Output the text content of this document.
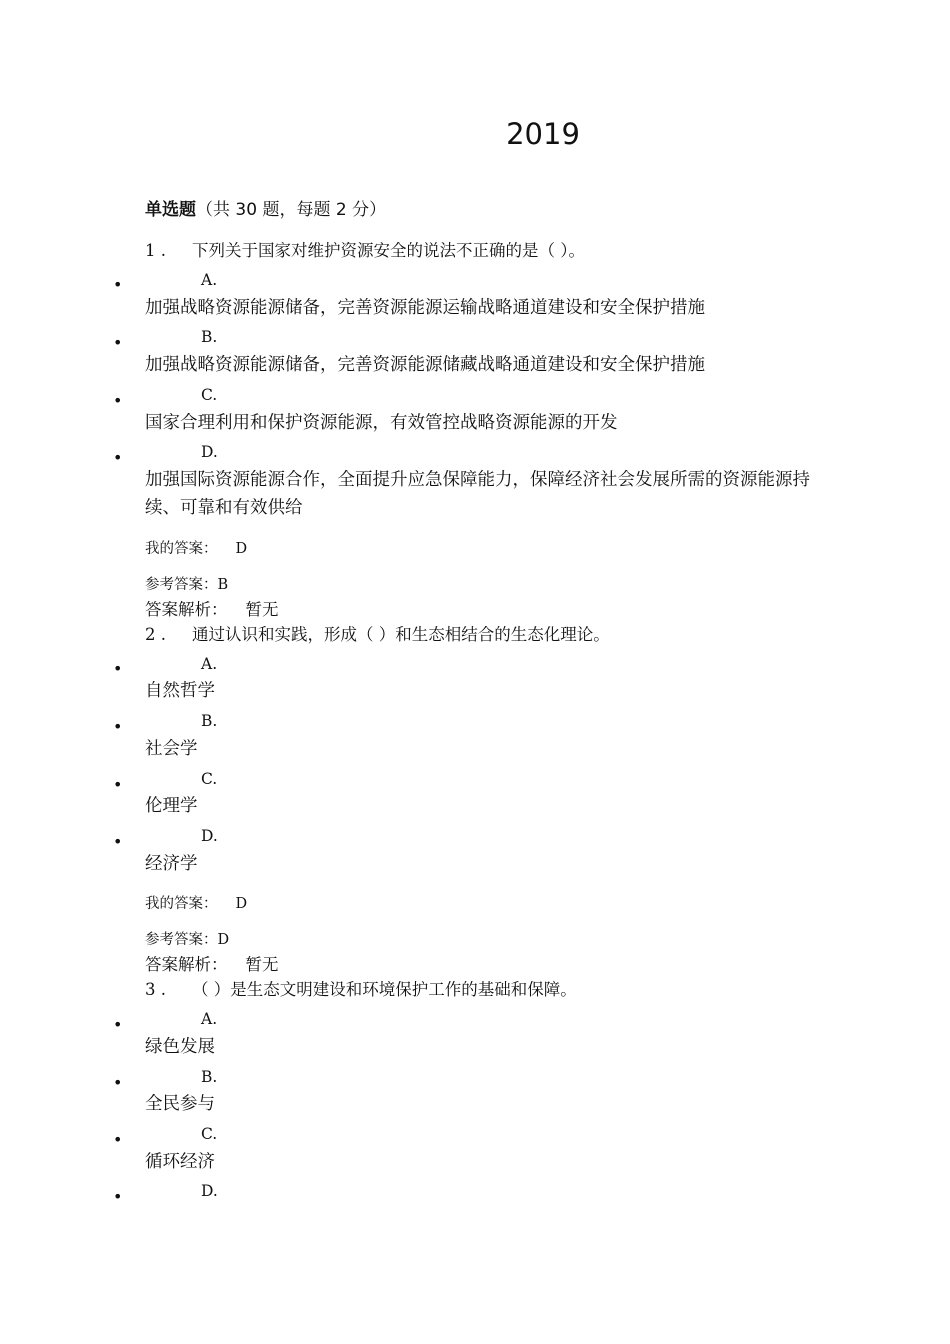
2019
单选题（共 30 题，每题 2 分）
1 . 下列关于国家对维护资源安全的说法不正确的是（ ）。
•	A.
加强战略资源能源储备，完善资源能源运输战略通道建设和安全保护措施
•	B.
加强战略资源能源储备，完善资源能源储藏战略通道建设和安全保护措施
•	C.
国家合理利用和保护资源能源，有效管控战略资源能源的开发
•	D.
加强国际资源能源合作，全面提升应急保障能力，保障经济社会发展所需的资源能源持续、可靠和有效供给
我的答案： D
参考答案：B
答案解析： 暂无
2 . 通过认识和实践，形成（ ）和生态相结合的生态化理论。
•	A.
自然哲学
•	B.
社会学
•	C.
伦理学
•	D.
经济学
我的答案： D
参考答案：D
答案解析： 暂无
3 . （ ）是生态文明建设和环境保护工作的基础和保障。
•	A.
绿色发展
•	B.
全民参与
•	C.
循环经济
•	D.
